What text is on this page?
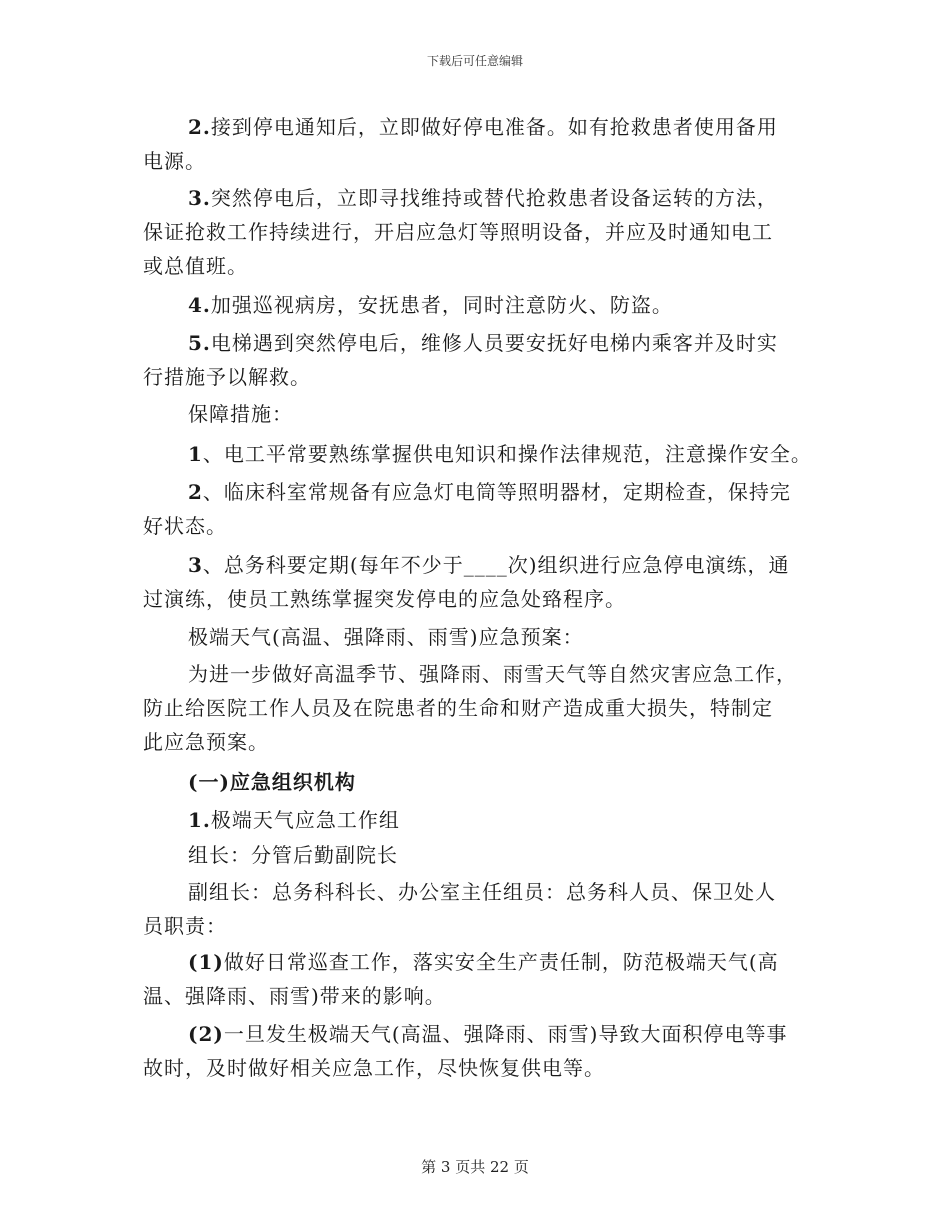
下载后可任意编辑
2.接到停电通知后，立即做好停电准备。如有抢救患者使用备用
电源。
3.突然停电后，立即寻找维持或替代抢救患者设备运转的方法，
保证抢救工作持续进行，开启应急灯等照明设备，并应及时通知电工
或总值班。
4.加强巡视病房，安抚患者，同时注意防火、防盗。
5.电梯遇到突然停电后，维修人员要安抚好电梯内乘客并及时实
行措施予以解救。
保障措施：
1、电工平常要熟练掌握供电知识和操作法律规范，注意操作安全。
2、临床科室常规备有应急灯电筒等照明器材，定期检查，保持完
好状态。
3、总务科要定期(每年不少于____次)组织进行应急停电演练，通
过演练，使员工熟练掌握突发停电的应急处臵程序。
极端天气(高温、强降雨、雨雪)应急预案：
为进一步做好高温季节、强降雨、雨雪天气等自然灾害应急工作，
防止给医院工作人员及在院患者的生命和财产造成重大损失，特制定
此应急预案。
(一)应急组织机构
1.极端天气应急工作组
组长：分管后勤副院长
副组长：总务科科长、办公室主任组员：总务科人员、保卫处人
员职责：
(1)做好日常巡查工作，落实安全生产责任制，防范极端天气(高
温、强降雨、雨雪)带来的影响。
(2)一旦发生极端天气(高温、强降雨、雨雪)导致大面积停电等事
故时，及时做好相关应急工作，尽快恢复供电等。
第 3 页共 22 页
